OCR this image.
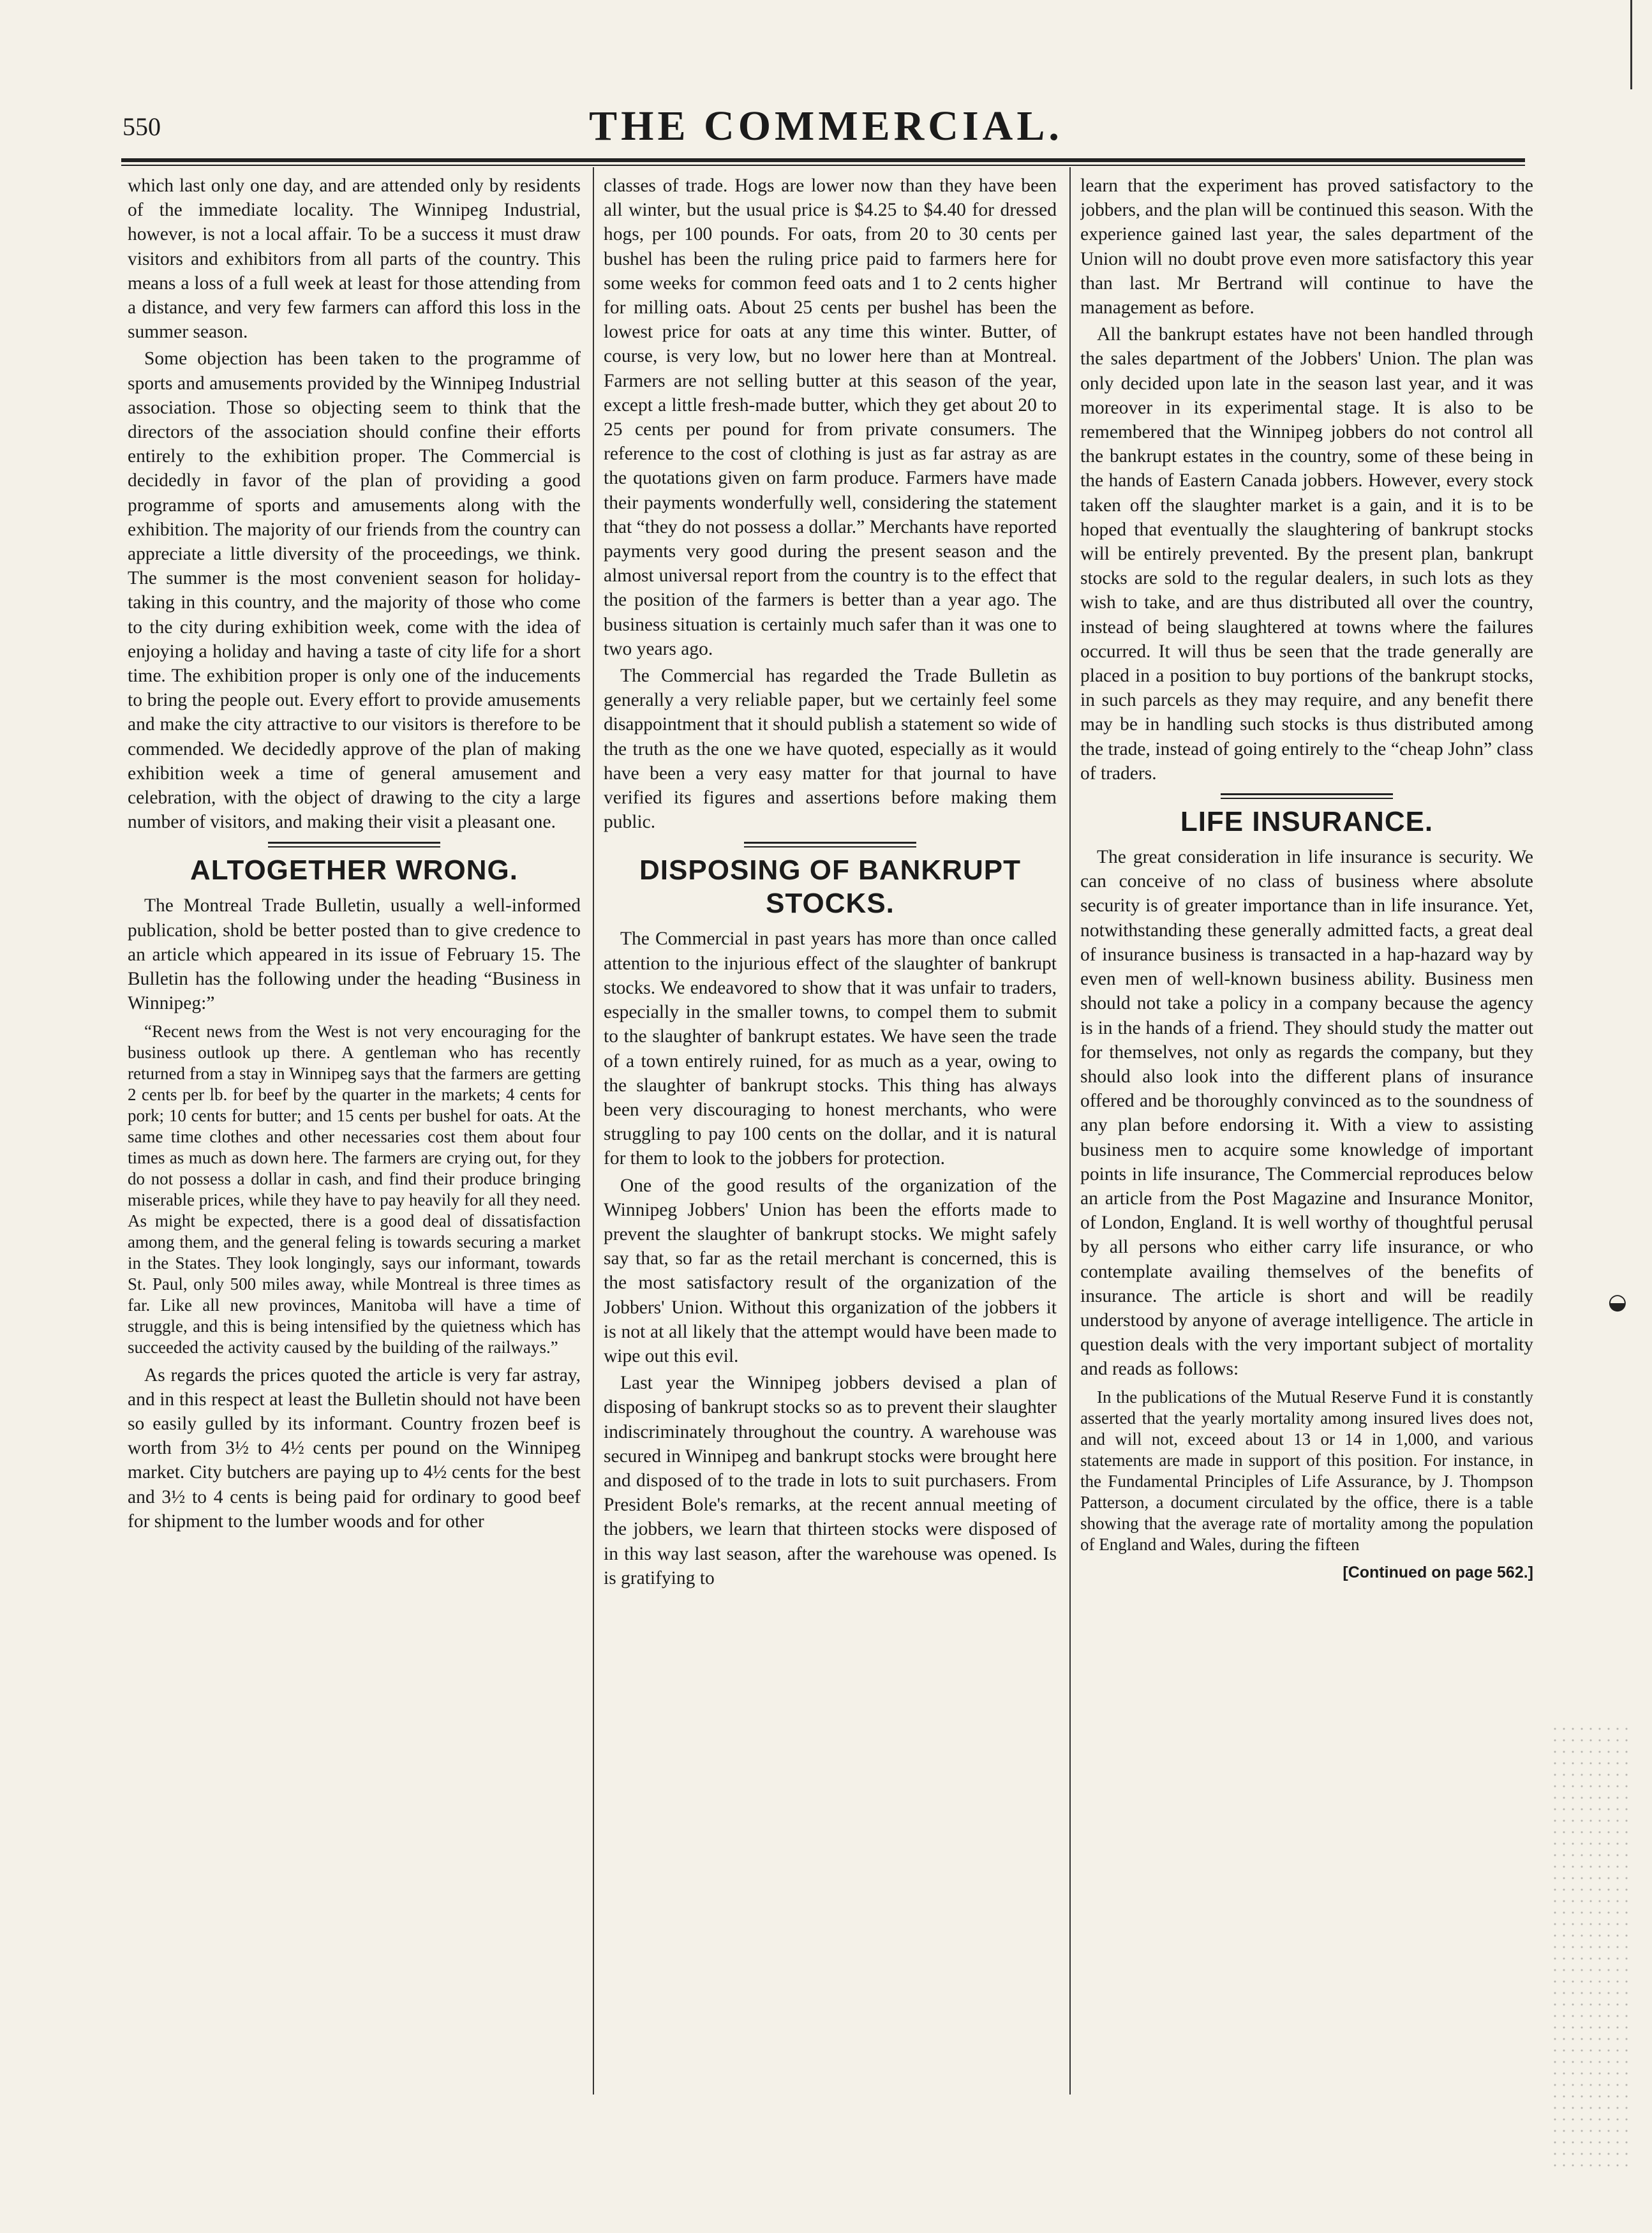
550	THE COMMERCIAL.

which last only one day, and are attended only by residents of the immediate locality. The Winnipeg Industrial, however, is not a local affair. To be a success it must draw visitors and exhibitors from all parts of the country. This means a loss of a full week at least for those attending from a distance, and very few farmers can afford this loss in the summer season.

Some objection has been taken to the programme of sports and amusements provided by the Winnipeg Industrial association. Those so objecting seem to think that the directors of the association should confine their efforts entirely to the exhibition proper. The Commercial is decidedly in favor of the plan of providing a good programme of sports and amusements along with the exhibition. The majority of our friends from the country can appreciate a little diversity of the proceedings, we think. The summer is the most convenient season for holiday-taking in this country, and the majority of those who come to the city during exhibition week, come with the idea of enjoying a holiday and having a taste of city life for a short time. The exhibition proper is only one of the inducements to bring the people out. Every effort to provide amusements and make the city attractive to our visitors is therefore to be commended. We decidedly approve of the plan of making exhibition week a time of general amusement and celebration, with the object of drawing to the city a large number of visitors, and making their visit a pleasant one.

ALTOGETHER WRONG.

The Montreal Trade Bulletin, usually a well-informed publication, shold be better posted than to give credence to an article which appeared in its issue of February 15. The Bulletin has the following under the heading “Business in Winnipeg:”

“Recent news from the West is not very encouraging for the business outlook up there. A gentleman who has recently returned from a stay in Winnipeg says that the farmers are getting 2 cents per lb. for beef by the quarter in the markets; 4 cents for pork; 10 cents for butter; and 15 cents per bushel for oats. At the same time clothes and other necessaries cost them about four times as much as down here. The farmers are crying out, for they do not possess a dollar in cash, and find their produce bringing miserable prices, while they have to pay heavily for all they need. As might be expected, there is a good deal of dissatisfaction among them, and the general feling is towards securing a market in the States. They look longingly, says our informant, towards St. Paul, only 500 miles away, while Montreal is three times as far. Like all new provinces, Manitoba will have a time of struggle, and this is being intensified by the quietness which has succeeded the activity caused by the building of the railways.”

As regards the prices quoted the article is very far astray, and in this respect at least the Bulletin should not have been so easily gulled by its informant. Country frozen beef is worth from 3½ to 4½ cents per pound on the Winnipeg market. City butchers are paying up to 4½ cents for the best and 3½ to 4 cents is being paid for ordinary to good beef for shipment to the lumber woods and for other

classes of trade. Hogs are lower now than they have been all winter, but the usual price is $4.25 to $4.40 for dressed hogs, per 100 pounds. For oats, from 20 to 30 cents per bushel has been the ruling price paid to farmers here for some weeks for common feed oats and 1 to 2 cents higher for milling oats. About 25 cents per bushel has been the lowest price for oats at any time this winter. Butter, of course, is very low, but no lower here than at Montreal. Farmers are not selling butter at this season of the year, except a little fresh-made butter, which they get about 20 to 25 cents per pound for from private consumers. The reference to the cost of clothing is just as far astray as are the quotations given on farm produce. Farmers have made their payments wonderfully well, considering the statement that “they do not possess a dollar.” Merchants have reported payments very good during the present season and the almost universal report from the country is to the effect that the position of the farmers is better than a year ago. The business situation is certainly much safer than it was one to two years ago.

The Commercial has regarded the Trade Bulletin as generally a very reliable paper, but we certainly feel some disappointment that it should publish a statement so wide of the truth as the one we have quoted, especially as it would have been a very easy matter for that journal to have verified its figures and assertions before making them public.

DISPOSING OF BANKRUPT STOCKS.

The Commercial in past years has more than once called attention to the injurious effect of the slaughter of bankrupt stocks. We endeavored to show that it was unfair to traders, especially in the smaller towns, to compel them to submit to the slaughter of bankrupt estates. We have seen the trade of a town entirely ruined, for as much as a year, owing to the slaughter of bankrupt stocks. This thing has always been very discouraging to honest merchants, who were struggling to pay 100 cents on the dollar, and it is natural for them to look to the jobbers for protection.

One of the good results of the organization of the Winnipeg Jobbers' Union has been the efforts made to prevent the slaughter of bankrupt stocks. We might safely say that, so far as the retail merchant is concerned, this is the most satisfactory result of the organization of the Jobbers' Union. Without this organization of the jobbers it is not at all likely that the attempt would have been made to wipe out this evil.

Last year the Winnipeg jobbers devised a plan of disposing of bankrupt stocks so as to prevent their slaughter indiscriminately throughout the country. A warehouse was secured in Winnipeg and bankrupt stocks were brought here and disposed of to the trade in lots to suit purchasers. From President Bole's remarks, at the recent annual meeting of the jobbers, we learn that thirteen stocks were disposed of in this way last season, after the warehouse was opened. Is is gratifying to

learn that the experiment has proved satisfactory to the jobbers, and the plan will be continued this season. With the experience gained last year, the sales department of the Union will no doubt prove even more satisfactory this year than last. Mr Bertrand will continue to have the management as before.

All the bankrupt estates have not been handled through the sales department of the Jobbers' Union. The plan was only decided upon late in the season last year, and it was moreover in its experimental stage. It is also to be remembered that the Winnipeg jobbers do not control all the bankrupt estates in the country, some of these being in the hands of Eastern Canada jobbers. However, every stock taken off the slaughter market is a gain, and it is to be hoped that eventually the slaughtering of bankrupt stocks will be entirely prevented. By the present plan, bankrupt stocks are sold to the regular dealers, in such lots as they wish to take, and are thus distributed all over the country, instead of being slaughtered at towns where the failures occurred. It will thus be seen that the trade generally are placed in a position to buy portions of the bankrupt stocks, in such parcels as they may require, and any benefit there may be in handling such stocks is thus distributed among the trade, instead of going entirely to the “cheap John” class of traders.

LIFE INSURANCE.

The great consideration in life insurance is security. We can conceive of no class of business where absolute security is of greater importance than in life insurance. Yet, notwithstanding these generally admitted facts, a great deal of insurance business is transacted in a hap-hazard way by even men of well-known business ability. Business men should not take a policy in a company because the agency is in the hands of a friend. They should study the matter out for themselves, not only as regards the company, but they should also look into the different plans of insurance offered and be thoroughly convinced as to the soundness of any plan before endorsing it. With a view to assisting business men to acquire some knowledge of important points in life insurance, The Commercial reproduces below an article from the Post Magazine and Insurance Monitor, of London, England. It is well worthy of thoughtful perusal by all persons who either carry life insurance, or who contemplate availing themselves of the benefits of insurance. The article is short and will be readily understood by anyone of average intelligence. The article in question deals with the very important subject of mortality and reads as follows:

In the publications of the Mutual Reserve Fund it is constantly asserted that the yearly mortality among insured lives does not, and will not, exceed about 13 or 14 in 1,000, and various statements are made in support of this position. For instance, in the Fundamental Principles of Life Assurance, by J. Thompson Patterson, a document circulated by the office, there is a table showing that the average rate of mortality among the population of England and Wales, during the fifteen
[Continued on page 562.]
◒
